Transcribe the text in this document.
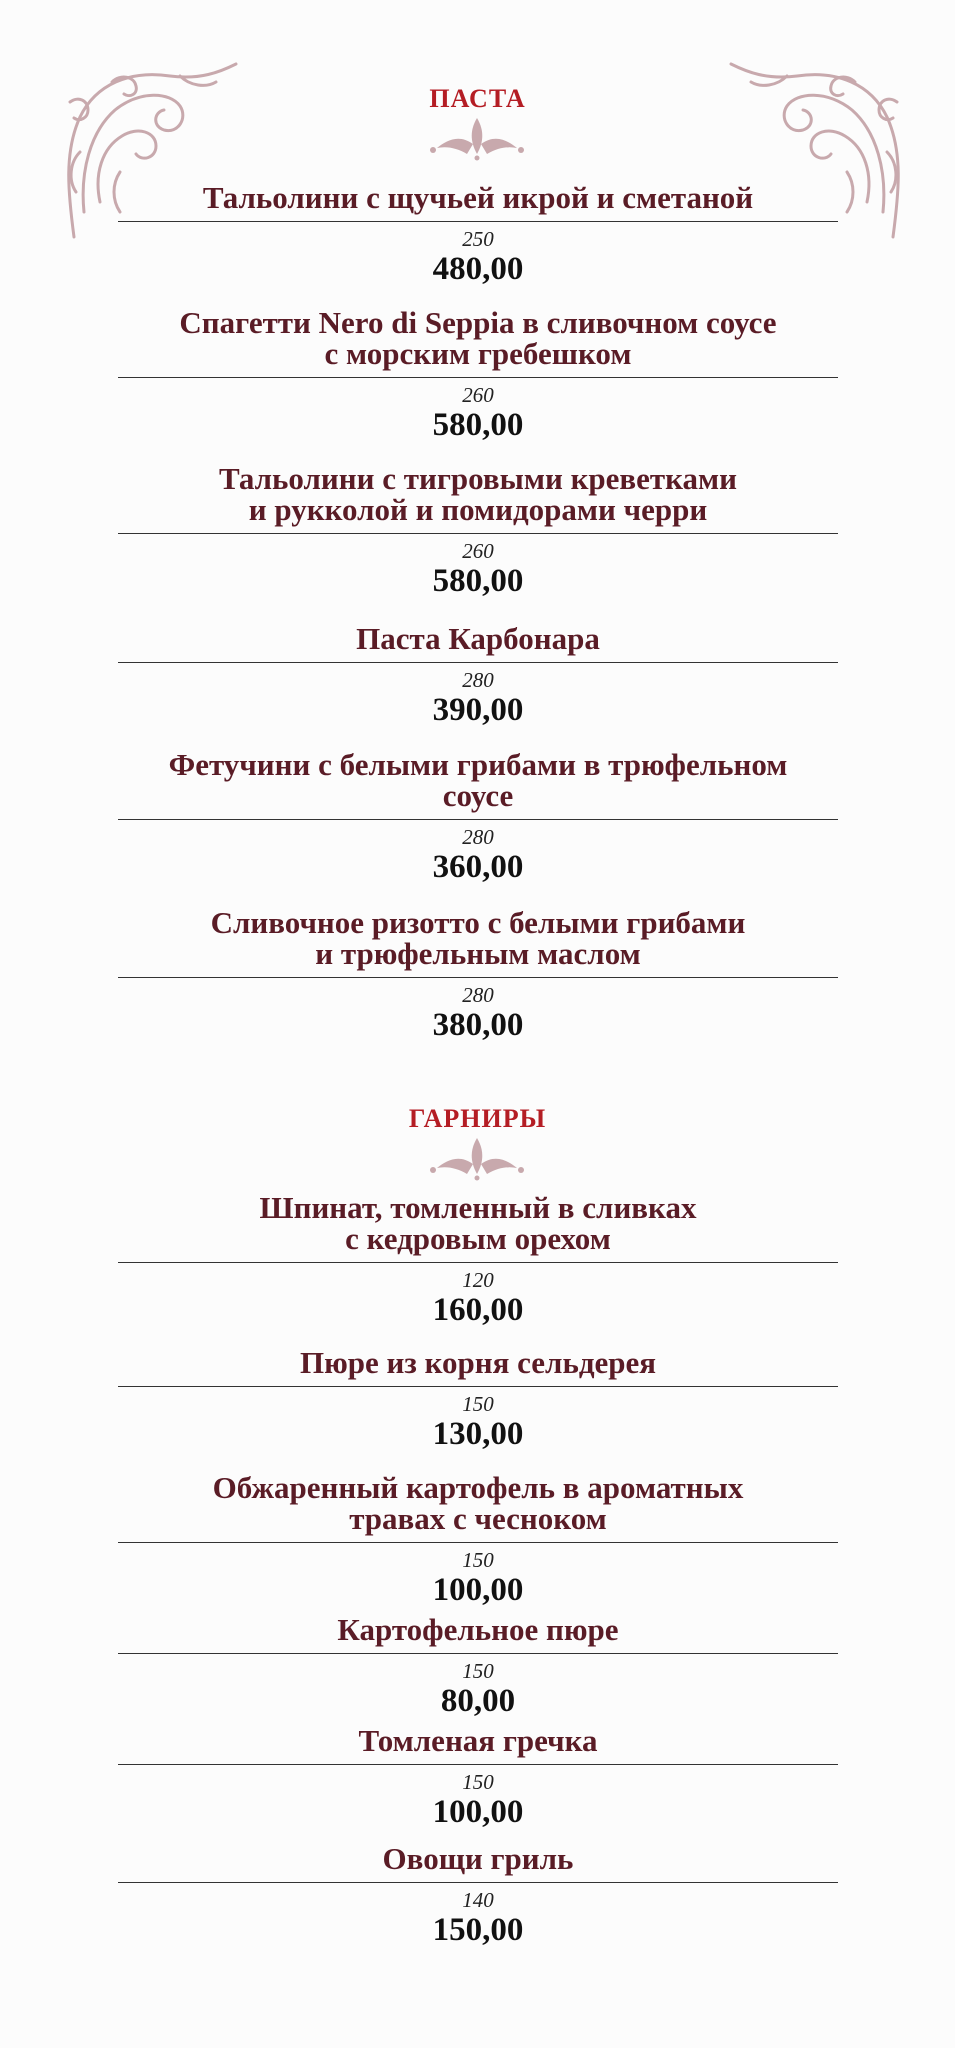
ПАСТА
Тальолини с щучьей икрой и сметаной
250
480,00
Спагетти Nero di Seppia в сливочном соусе
с морским гребешком
260
580,00
Тальолини с тигровыми креветками
и рукколой и помидорами черри
260
580,00
Паста Карбонара
280
390,00
Фетучини с белыми грибами в трюфельном
соусе
280
360,00
Сливочное ризотто с белыми грибами
и трюфельным маслом
280
380,00
ГАРНИРЫ
Шпинат, томленный в сливках
с кедровым орехом
120
160,00
Пюре из корня сельдерея
150
130,00
Обжаренный картофель в ароматных
травах с чесноком
150
100,00
Картофельное пюре
150
80,00
Томленая гречка
150
100,00
Овощи гриль
140
150,00
